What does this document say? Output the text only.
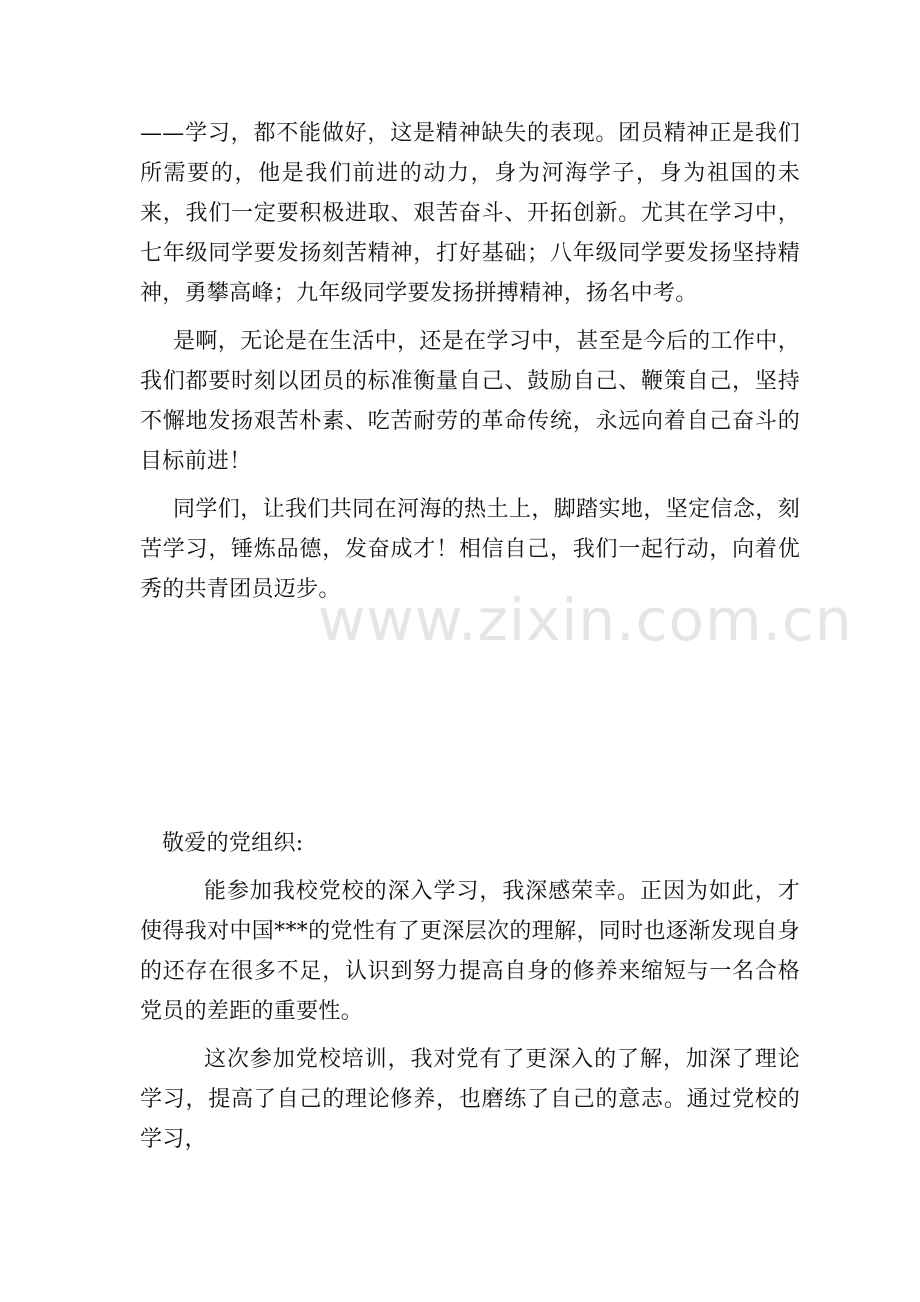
——学习，都不能做好，这是精神缺失的表现。团员精神正是我们所需要的，他是我们前进的动力，身为河海学子，身为祖国的未来，我们一定要积极进取、艰苦奋斗、开拓创新。尤其在学习中，七年级同学要发扬刻苦精神，打好基础；八年级同学要发扬坚持精神，勇攀高峰；九年级同学要发扬拼搏精神，扬名中考。

是啊，无论是在生活中，还是在学习中，甚至是今后的工作中，我们都要时刻以团员的标准衡量自己、鼓励自己、鞭策自己，坚持不懈地发扬艰苦朴素、吃苦耐劳的革命传统，永远向着自己奋斗的目标前进！

同学们，让我们共同在河海的热土上，脚踏实地，坚定信念，刻苦学习，锤炼品德，发奋成才！相信自己，我们一起行动，向着优秀的共青团员迈步。

敬爱的党组织:

能参加我校党校的深入学习，我深感荣幸。正因为如此，才使得我对中国***的党性有了更深层次的理解，同时也逐渐发现自身的还存在很多不足，认识到努力提高自身的修养来缩短与一名合格党员的差距的重要性。

这次参加党校培训，我对党有了更深入的了解，加深了理论学习，提高了自己的理论修养，也磨练了自己的意志。通过党校的学习，

www.zixin.com.cn
